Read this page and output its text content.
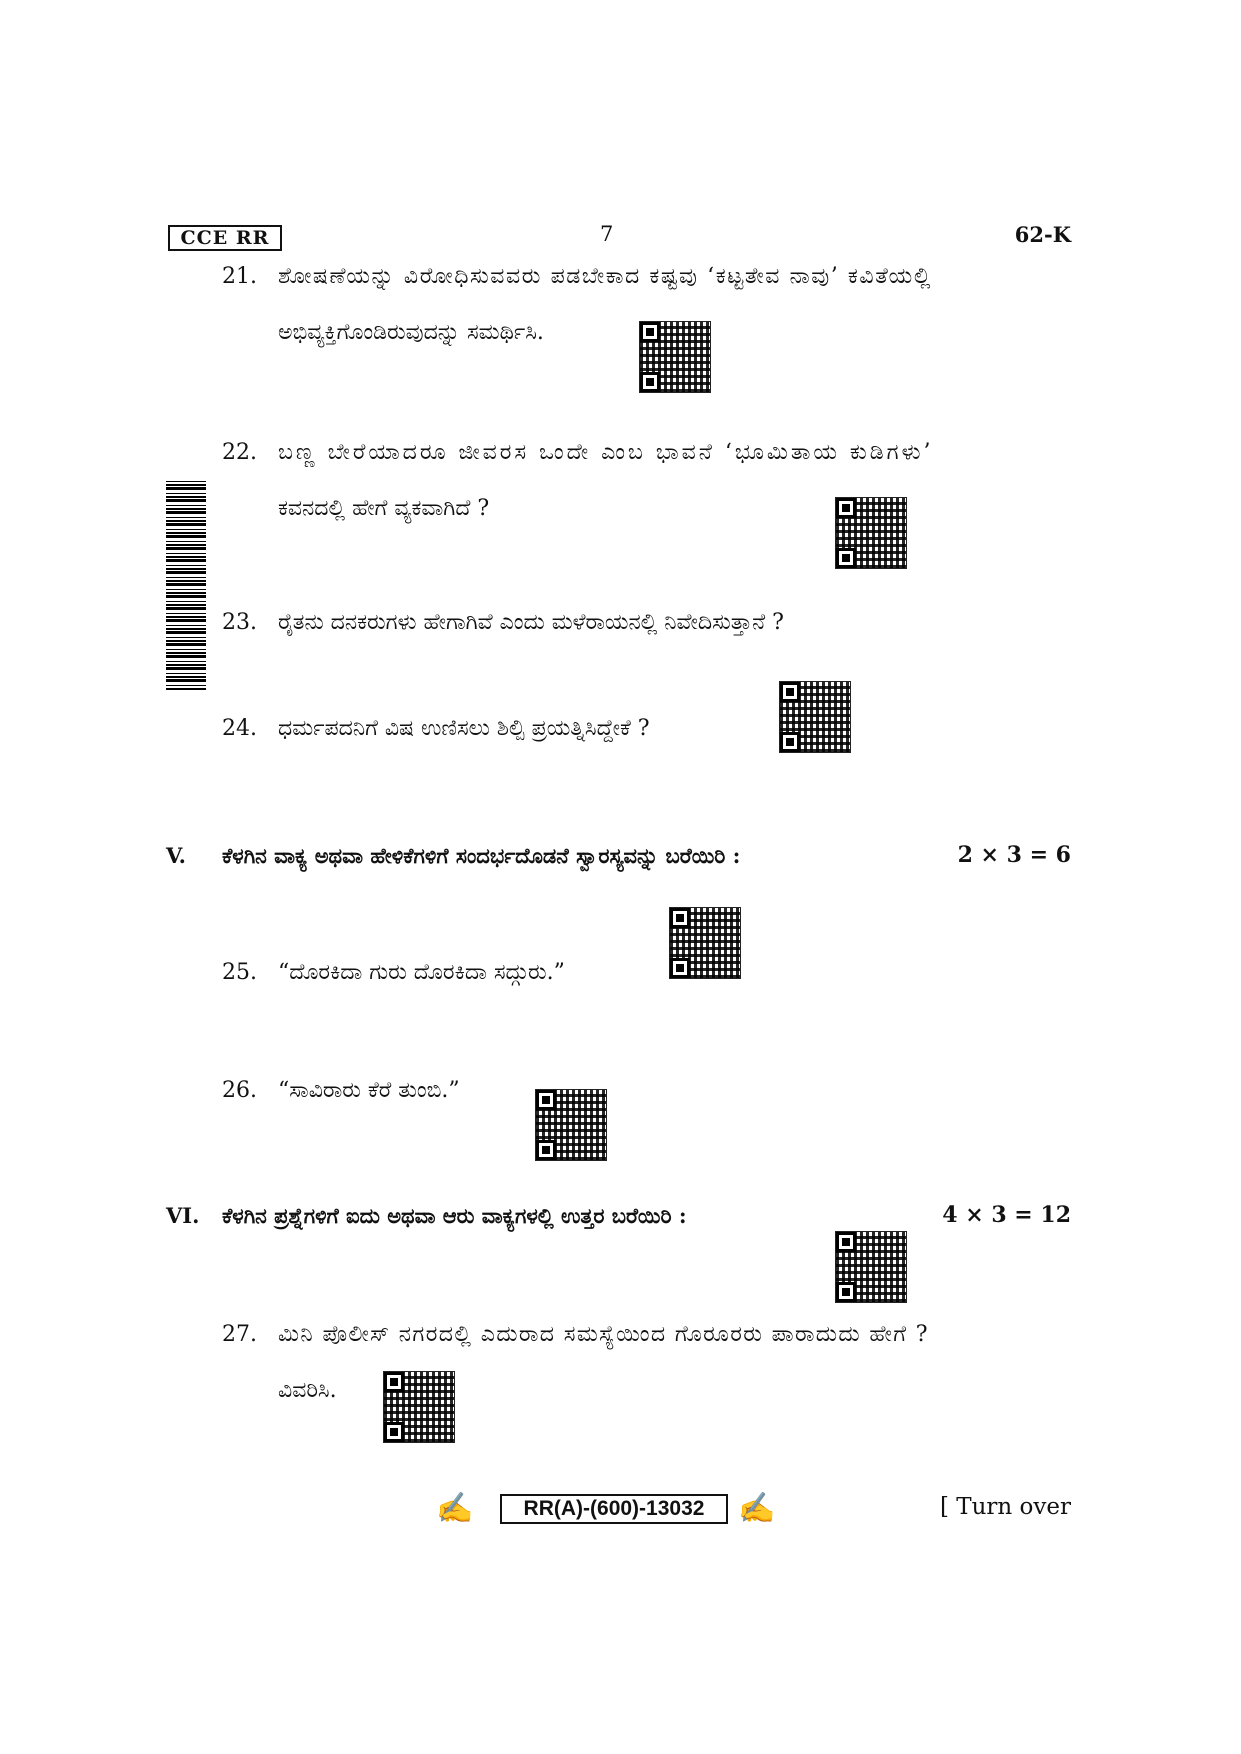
CCE RR	7	62-K
21. ಶೋಷಣೆಯನ್ನು ವಿರೋಧಿಸುವವರು ಪಡಬೇಕಾದ ಕಷ್ಟವು ‘ಕಟ್ಟತೇವ ನಾವು’ ಕವಿತೆಯಲ್ಲಿ
ಅಭಿವ್ಯಕ್ತಿಗೊಂಡಿರುವುದನ್ನು ಸಮರ್ಥಿಸಿ.
22. ಬಣ್ಣ ಬೇರೆಯಾದರೂ ಜೀವರಸ ಒಂದೇ ಎಂಬ ಭಾವನೆ ‘ಭೂಮಿತಾಯ ಕುಡಿಗಳು’
ಕವನದಲ್ಲಿ ಹೇಗೆ ವ್ಯಕವಾಗಿದೆ ?
23. ರೈತನು ದನಕರುಗಳು ಹೇಗಾಗಿವೆ ಎಂದು ಮಳೆರಾಯನಲ್ಲಿ ನಿವೇದಿಸುತ್ತಾನೆ ?
24. ಧರ್ಮಪದನಿಗೆ ವಿಷ ಉಣಿಸಲು ಶಿಲ್ಪಿ ಪ್ರಯತ್ನಿಸಿದ್ದೇಕೆ ?
V. ಕೆಳಗಿನ ವಾಕ್ಯ ಅಥವಾ ಹೇಳಿಕೆಗಳಿಗೆ ಸಂದರ್ಭದೊಡನೆ ಸ್ವಾರಸ್ಯವನ್ನು ಬರೆಯಿರಿ :	2 × 3 = 6
25. “ದೊರಕಿದಾ ಗುರು ದೊರಕಿದಾ ಸದ್ಗುರು.”
26. “ಸಾವಿರಾರು ಕೆರೆ ತುಂಬಿ.”
VI. ಕೆಳಗಿನ ಪ್ರಶ್ನೆಗಳಿಗೆ ಐದು ಅಥವಾ ಆರು ವಾಕ್ಯಗಳಲ್ಲಿ ಉತ್ತರ ಬರೆಯಿರಿ :	4 × 3 = 12
27. ಮಿನಿ ಪೊಲೀಸ್ ನಗರದಲ್ಲಿ ಎದುರಾದ ಸಮಸ್ಯೆಯಿಂದ ಗೊರೂರರು ಪಾರಾದುದು ಹೇಗೆ ?
ವಿವರಿಸಿ.
✍	RR(A)-(600)-13032	✍	[ Turn over
